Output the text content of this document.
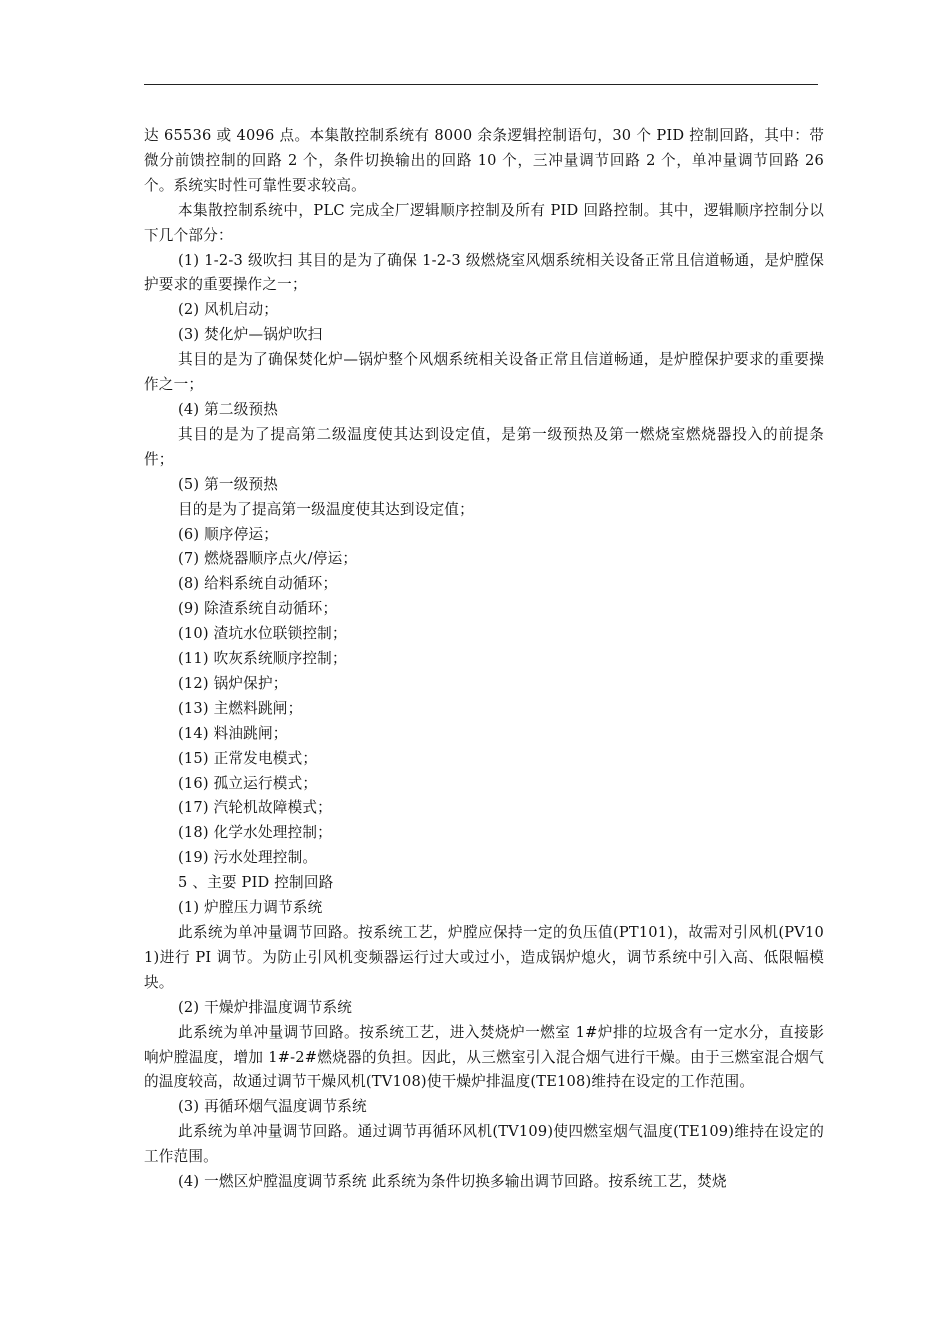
达 65536 或 4096 点。本集散控制系统有 8000 余条逻辑控制语句，30 个 PID 控制回路，其中：带微分前馈控制的回路 2 个，条件切换输出的回路 10 个，三冲量调节回路 2 个，单冲量调节回路 26 个。系统实时性可靠性要求较高。

本集散控制系统中，PLC 完成全厂逻辑顺序控制及所有 PID 回路控制。其中，逻辑顺序控制分以下几个部分：

(1) 1-2-3 级吹扫 其目的是为了确保 1-2-3 级燃烧室风烟系统相关设备正常且信道畅通，是炉膛保护要求的重要操作之一；

(2) 风机启动；

(3) 焚化炉—锅炉吹扫

其目的是为了确保焚化炉—锅炉整个风烟系统相关设备正常且信道畅通，是炉膛保护要求的重要操作之一；

(4) 第二级预热

其目的是为了提高第二级温度使其达到设定值，是第一级预热及第一燃烧室燃烧器投入的前提条件；

(5) 第一级预热

目的是为了提高第一级温度使其达到设定值；

(6) 顺序停运；

(7) 燃烧器顺序点火/停运；

(8) 给料系统自动循环；

(9) 除渣系统自动循环；

(10) 渣坑水位联锁控制；

(11) 吹灰系统顺序控制；

(12) 锅炉保护；

(13) 主燃料跳闸；

(14) 料油跳闸；

(15) 正常发电模式；

(16) 孤立运行模式；

(17) 汽轮机故障模式；

(18) 化学水处理控制；

(19) 污水处理控制。

5 、主要 PID 控制回路

(1) 炉膛压力调节系统

此系统为单冲量调节回路。按系统工艺，炉膛应保持一定的负压值(PT101)，故需对引风机(PV101)进行 PI 调节。为防止引风机变频器运行过大或过小，造成锅炉熄火，调节系统中引入高、低限幅模块。

(2) 干燥炉排温度调节系统

此系统为单冲量调节回路。按系统工艺，进入焚烧炉一燃室 1#炉排的垃圾含有一定水分，直接影响炉膛温度，增加 1#-2#燃烧器的负担。因此，从三燃室引入混合烟气进行干燥。由于三燃室混合烟气的温度较高，故通过调节干燥风机(TV108)使干燥炉排温度(TE108)维持在设定的工作范围。

(3) 再循环烟气温度调节系统

此系统为单冲量调节回路。通过调节再循环风机(TV109)使四燃室烟气温度(TE109)维持在设定的工作范围。

(4) 一燃区炉膛温度调节系统 此系统为条件切换多输出调节回路。按系统工艺，焚烧
